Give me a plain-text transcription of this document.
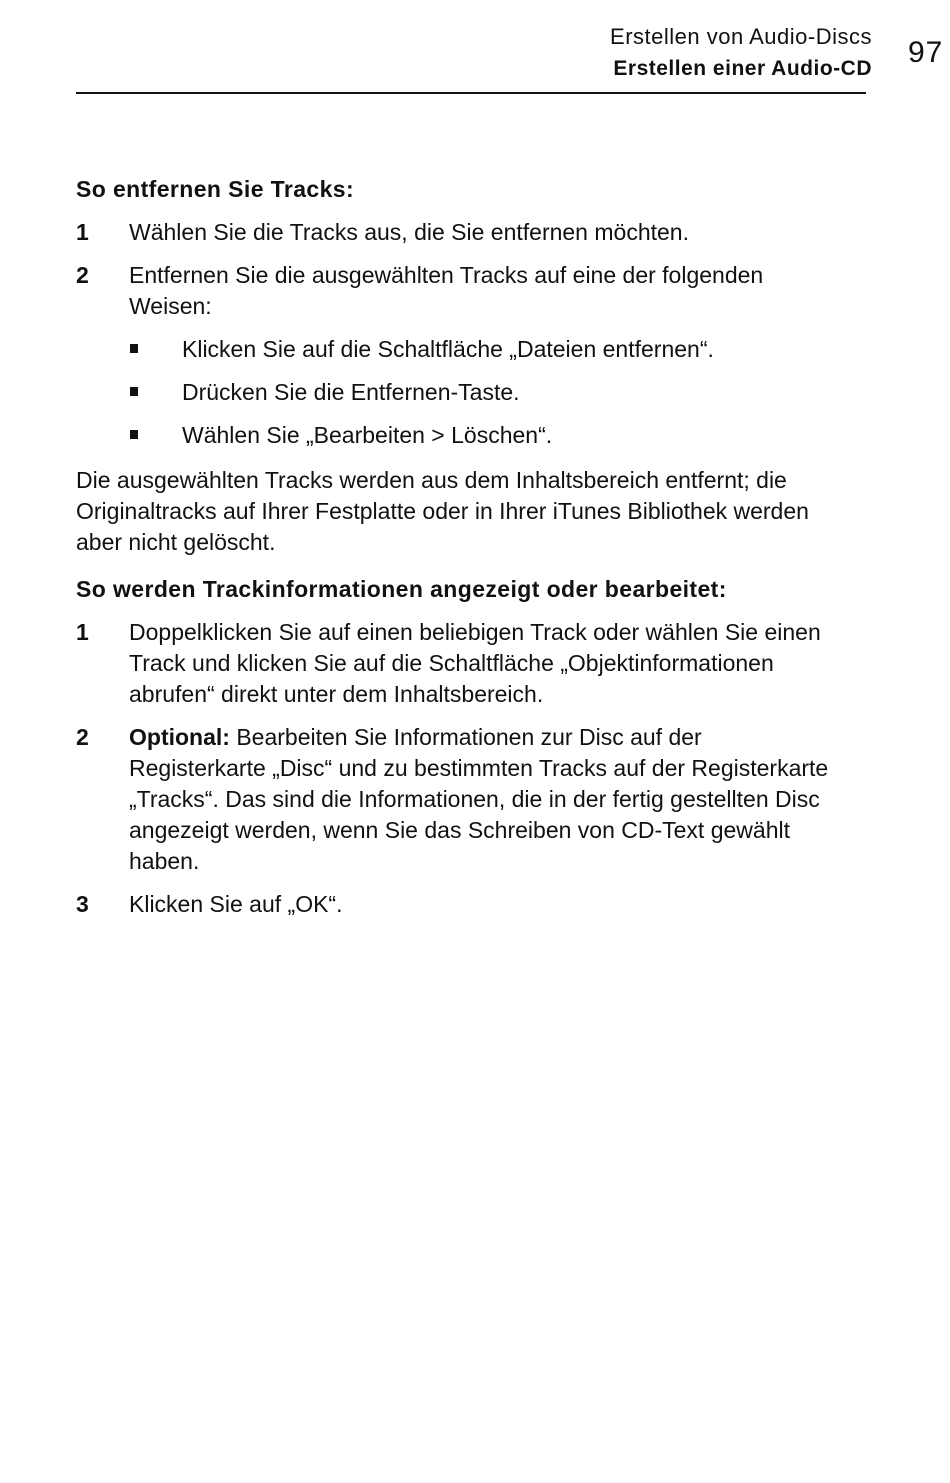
Erstellen von Audio-Discs
Erstellen einer Audio-CD 97
So entfernen Sie Tracks:
1 Wählen Sie die Tracks aus, die Sie entfernen möchten.
2 Entfernen Sie die ausgewählten Tracks auf eine der folgenden
Weisen:
Klicken Sie auf die Schaltfläche „Dateien entfernen“.
Drücken Sie die Entfernen-Taste.
Wählen Sie „Bearbeiten > Löschen“.
Die ausgewählten Tracks werden aus dem Inhaltsbereich entfernt; die
Originaltracks auf Ihrer Festplatte oder in Ihrer iTunes Bibliothek werden
aber nicht gelöscht.
So werden Trackinformationen angezeigt oder bearbeitet:
1 Doppelklicken Sie auf einen beliebigen Track oder wählen Sie einen
Track und klicken Sie auf die Schaltfläche „Objektinformationen
abrufen“ direkt unter dem Inhaltsbereich.
2 Optional: Bearbeiten Sie Informationen zur Disc auf der
Registerkarte „Disc“ und zu bestimmten Tracks auf der Registerkarte
„Tracks“. Das sind die Informationen, die in der fertig gestellten Disc
angezeigt werden, wenn Sie das Schreiben von CD-Text gewählt
haben.
3 Klicken Sie auf „OK“.
